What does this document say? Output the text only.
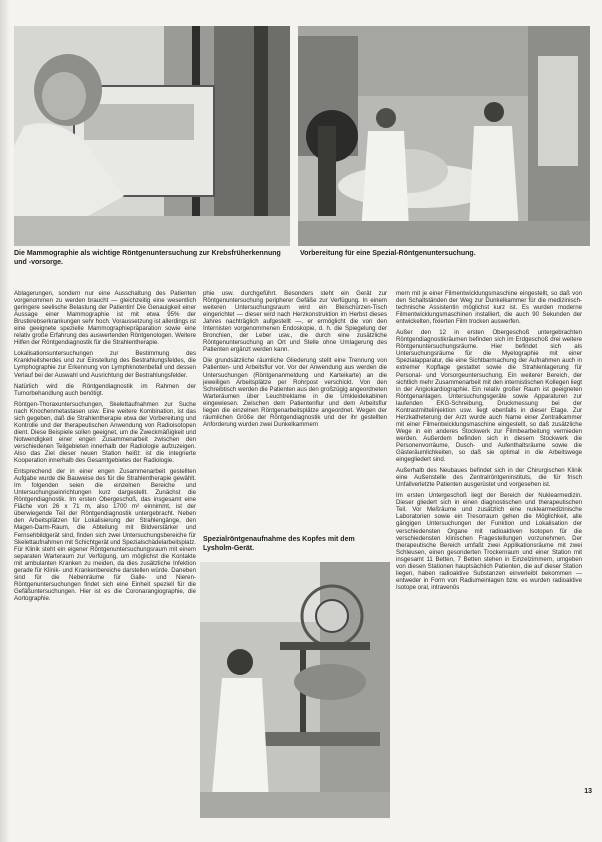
Die Mammographie als wichtige Röntgenuntersuchung zur Krebsfrüherkennung und -vorsorge.
Vorbereitung für eine Spezial-Röntgenuntersuchung.

Ablagerungen, sondern nur eine Ausschaltung des Patienten vorgenommen zu werden braucht — gleichzeitig eine wesentlich geringere seelische Belastung der Patientin! Die Genauigkeit einer Aussage einer Mammographie ist mit etwa 95% der Brustkrebserkrankungen sehr hoch. Voraussetzung ist allerdings ist eine geeignete spezielle Mammographiepräparation sowie eine relativ große Erfahrung des auswertenden Röntgenologen. Weitere Hilfen der Röntgendiagnostik für die Strahlentherapie.

Lokalisationsuntersuchungen zur Bestimmung des Krankheitsherdes und zur Einstellung des Bestrahlungsfeldes, die Lymphographie zur Erkennung von Lymphknotenbefall und dessen Verlauf bei der Auswahl und Ausrichtung der Bestrahlungsfelder.

Natürlich wird die Röntgendiagnostik im Rahmen der Tumorbehandlung auch benötigt.

Röntgen-Thoraxuntersuchungen, Skelettaufnahmen zur Suche nach Knochenmetastasen usw. Eine weitere Kombination, ist das sich gegeben, daß die Strahlentherapie etwa der Vorbereitung und Kontrolle und der therapeutischen Anwendung von Radioisotopen dient. Diese Beispiele sollen geeignet, um die Zweckmäßigkeit und Notwendigkeit einer engen Zusammenarbeit zwischen den verschiedenen Teilgebieten innerhalb der Radiologie aufzuzeigen. Also das Ziel dieser neuen Station heißt: ist die integrierte Kooperation innerhalb des Gesamtgebietes der Radiologie.

Entsprechend der in einer engen Zusammenarbeit gestellten Aufgabe wurde die Bauweise des für die Strahlentherapie gewählt. Im folgenden seien die einzelnen Bereiche und Untersuchungseinrichtungen kurz dargestellt. Zunächst die Röntgendiagnostik. Im ersten Obergeschoß, das insgesamt eine Fläche von 26 x 71 m, also 1700 m² einnimmt, ist der überwiegende Teil der Röntgendiagnostik untergebracht. Neben den Arbeitsplätzen für Lokalisierung der Strahlengänge, den Magen-Darm-Raum, die Abteilung mit Bildverstärker und Fernsehbildgerät sind, finden sich zwei Untersuchungsbereiche für Skelettaufnahmen mit Schichtgerät und Spezialschädelarbeitsplatz. Für Klinik steht ein eigener Röntgenuntersuchungsraum mit einem separaten Warteraum zur Verfügung, um möglichst die Kontakte mit ambulanten Kranken zu meiden, da dies zusätzliche Infektion gerade für Klinik- und Krankenbereiche darstellen würde. Daneben sind für die Nebenräume für Galle- und Nieren-Röntgenuntersuchungen findet sich eine Einheit speziell für die Gefäßuntersuchungen. Hier ist es die Coronarangiographie, die Aortographie.

phie usw. durchgeführt. Besonders steht ein Gerät zur Röntgenuntersuchung peripherer Gefäße zur Verfügung. In einem weiteren Untersuchungsraum wird ein Bleischürzen-Tisch eingerichtet — dieser wird nach Herzkonstruktion im Herbst dieses Jahres nachträglich aufgestellt —, er ermöglicht die von den Internisten vorgenommenen Endoskopie, d. h. die Spiegelung der Bronchien, der Leber usw., die durch eine zusätzliche Röntgenuntersuchung an Ort und Stelle ohne Umlagerung des Patienten ergänzt werden kann.

Die grundsätzliche räumliche Gliederung stellt eine Trennung von Patienten- und Arbeitsflur vor. Vor der Anwendung aus werden die Untersuchungen (Röntgenanmeldung und Karteikarte) an die jeweiligen Arbeitsplätze per Rohrpost verschickt. Von den Schreibtisch werden die Patienten aus den großzügig angeordneten Warteräumen über Leuchtreklame in die Umkleidekabinen eingewiesen. Zwischen dem Patientenflur und dem Arbeitsflur liegen die einzelnen Röntgenarbeitsplätze angeordnet. Wegen der räumlichen Größe der Röntgendiagnostik und der ihr gestellten Anforderung wurden zwei Dunkelkammern

Spezialröntgenaufnahme des Kopfes mit dem Lysholm-Gerät.

mern mit je einer Filmentwicklungsmaschine eingestellt, so daß von den Schaltständen der Weg zur Dunkelkammer für die medizinisch-technische Assistentin möglichst kurz ist. Es wurden moderne Filmentwicklungsmaschinen installiert, die auch 90 Sekunden der entwickelten, fixierten Film trocken auswerfen.

Außer den 12 in ersten Obergeschoß untergebrachten Röntgendiagnostikräumen befinden sich im Erdgeschoß drei weitere Röntgenuntersuchungsräume. Hier befindet sich als Untersuchungsräume für die Myelographie mit einer Spezialapparatur, die eine Sichtbarmachung der Aufnahmen auch in extremer Kopflage gestattet sowie die Strahlenlagerung für Personal- und Vorsorgeuntersuchung. Ein weiterer Bereich, der sichtlich mehr Zusammenarbeit mit den internistischen Kollegen liegt in der Angiokardiographie. Ein relativ großer Raum ist geeigneten Röntgenanlagen. Untersuchungsgeräte sowie Apparaturen zur laufenden EKG-Schreibung, Druckmessung bei der Kontrastmittelinjektion usw. liegt ebenfalls in dieser Etage. Zur Herzkatheterung der Arzt wurde auch Name einer Zentralkammer mit einer Filmentwicklungsmaschine eingestellt, so daß zusätzliche Wege in ein anderes Stockwerk zur Filmbearbeitung vermieden werden. Außerdem befinden sich in diesem Stockwerk die Personenvorräume, Dusch- und Aufenthaltsräume sowie die Gästeräumlichkeiten, so daß sie optimal in die Arbeitswege eingegliedert sind.

Außerhalb des Neubaues befindet sich in der Chirurgischen Klinik eine Außenstelle des Zentralröntgeninstituts, die für frisch Unfallverletzte Patienten ausgerüstet und vorgesehen ist.

Im ersten Untergeschoß liegt der Bereich der Nuklearmedizin. Dieser gliedert sich in einen diagnostischen und therapeutischen Teil. Vor Meßräume und zusätzlich eine nuklearmedizinische Laboratorien sowie ein Tresorraum gehen die Möglichkeit, alle gängigen Untersuchungen der Funktion und Lokalisation der verschiedensten Organe mit radioaktiven Isotopen für die verschiedensten klinischen Fragestellungen vorzunehmen. Der therapeutische Bereich umfaßt zwei Applikationsräume mit zwei Schleusen, einen gesonderten Trockenraum und einer Station mit insgesamt 11 Betten, 7 Betten stehen in Einzelzimmern, umgeben von diesen Stationen hauptsächlich Patienten, die auf dieser Station liegen, haben radioaktive Substanzen einverleibt bekommen — entweder in Form von Radiumeinlagen bzw. es wurden radioaktive Isotope oral, intravenös

13
